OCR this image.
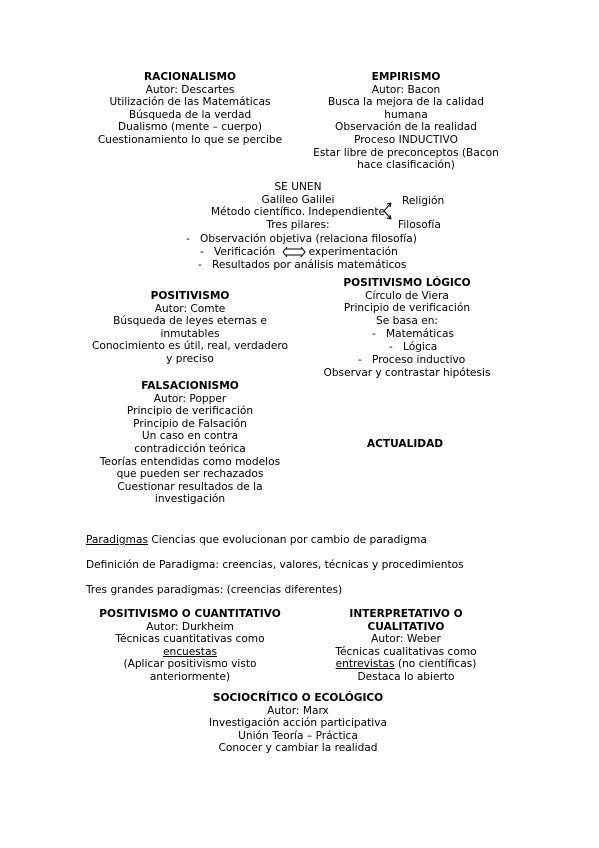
RACIONALISMO
Autor: Descartes
Utilización de las Matemáticas
Búsqueda de la verdad
Dualismo (mente – cuerpo)
Cuestionamiento lo que se percibe
EMPIRISMO
Autor: Bacon
Busca la mejora de la calidad
humana
Observación de la realidad
Proceso INDUCTIVO
Estar libre de preconceptos (Bacon
hace clasificación)
SE UNEN
Galileo Galilei
Método científico. Independiente
Tres pilares:
Religión
Filosofía
- Observación objetiva (relaciona filosofía)
- Verificación	experimentación
- Resultados por análisis matemáticos
POSITIVISMO LÓGICO
Círculo de Viera
Principio de verificación
Se basa en:
- Matemáticas
- Lógica
- Proceso inductivo
Observar y contrastar hipótesis
POSITIVISMO
Autor: Comte
Búsqueda de leyes eternas e
inmutables
Conocimiento es útil, real, verdadero
y preciso
FALSACIONISMO
Autor: Popper
Principio de verificación
Principio de Falsación
Un caso en contra
contradicción teórica
Teorías entendidas como modelos
que pueden ser rechazados
Cuestionar resultados de la
investigación
ACTUALIDAD
Paradigmas Ciencias que evolucionan por cambio de paradigma
Definición de Paradigma: creencias, valores, técnicas y procedimientos
Tres grandes paradigmas: (creencias diferentes)
POSITIVISMO O CUANTITATIVO
Autor: Durkheim
Técnicas cuantitativas como
encuestas
(Aplicar positivismo visto
anteriormente)
INTERPRETATIVO O
CUALITATIVO
Autor: Weber
Técnicas cualitativas como
entrevistas (no científicas)
Destaca lo abierto
SOCIOCRÍTICO O ECOLÓGICO
Autor: Marx
Investigación acción participativa
Unión Teoría – Práctica
Conocer y cambiar la realidad
